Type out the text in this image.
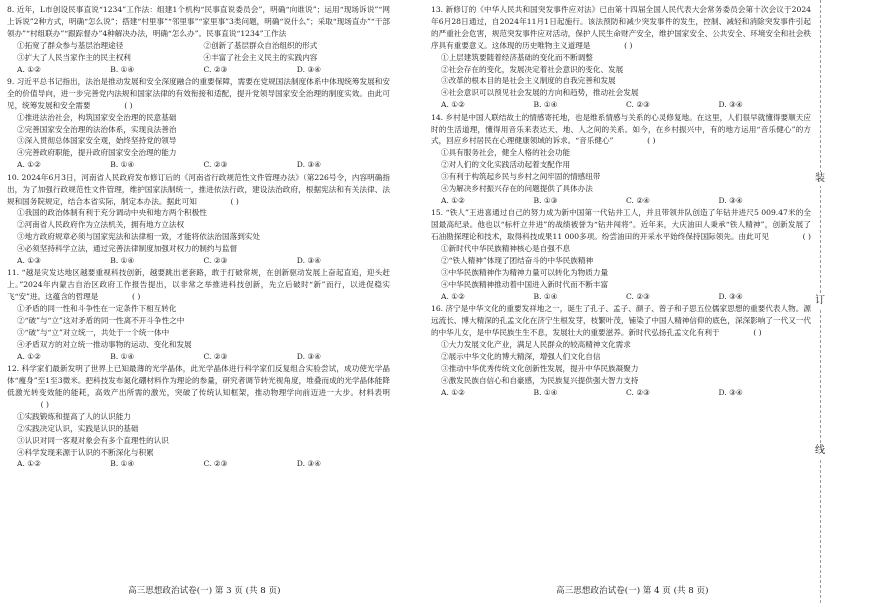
8. 近年，L市创设民事直说“1234”工作法：组建1个机构“民事直说委员会”，明确“向谁说”；运用“现场诉说”“网上诉说”2种方式，明确“怎么说”；搭建“村里事”“邻里事”“家里事”3类问题，明确“说什么”；采取“现场直办”“干部领办”“村组联办”“跟踪督办”4种解决办法，明确“怎么办”。民事直说“1234”工作法
①拓宽了群众参与基层治理途径	②创新了基层群众自治组织的形式
③扩大了人民当家作主的民主权利	④丰富了社会主义民主的实践内容
A. ①②	B. ①④	C. ②③	D. ③④
9. 习近平总书记指出，法治是推动发展和安全深度融合的重要保障，需要在党规国法制度体系中体现统筹发展和安全的价值导向，进一步完善党内法规和国家法律的有效衔接和适配，提升党领导国家安全治理的制度实效。由此可见，统筹发展和安全需要	( )
①推进法治社会，构筑国家安全治理的民意基础
②完善国家安全治理的法治体系，实现良法善治
③深入贯彻总体国家安全观，始终坚持党的领导
④完善政府职能，提升政府国家安全治理的能力
A. ①②	B. ①④	C. ②③	D. ③④
10. 2024年6月3日，河南省人民政府发布修订后的《河南省行政规范性文件管理办法》（第226号令，内容明确指出，为了加强行政规范性文件管理，维护国家法制统一，推进依法行政，建设法治政府，根据宪法和有关法律、法规和国务院规定，结合本省实际，制定本办法。据此可知	( )
①我国的政治体制有利于充分调动中央和地方两个积极性
②河南省人民政府作为立法机关，拥有地方立法权
③地方政府规章必须与国家宪法和法律相一致，才能将依法治国落到实处
④必须坚持科学立法，通过完善法律制度加强对权力的制约与监督
A. ①③	B. ①④	C. ②③	D. ③④
11. “越是灾发达地区越要重视科技创新，越要跳出老套路，敢于打破常规，在创新驱动发展上奋起直追，迎头赶上。”2024年内蒙古自治区政府工作报告提出，以非常之举推进科技创新，先立后破时“新”而行，以进促稳实飞“安”进。这蕴含的哲理是	( )
①矛盾的同一性和斗争性在一定条件下相互转化
②“破”与“立”这对矛盾的同一性离不开斗争性之中
③“破”与“立”对立统一，共处于一个统一体中
④矛盾双方的对立统一推动事物的运动、变化和发展
A. ①②	B. ①④	C. ②③	D. ③④
12. 科学家们最新发明了世界上已知最薄的光学晶体，此光学晶体进行科学家们反复组合实验尝试，成功使光学晶体“瘦身”至1至3微米。把科技发布氮化硼材料作为理论的参量，研究者调节转光视角度，堆叠而成的光学晶体能降低激光转变效能的能耗，高效产出所需的激光，突破了传统认知框架，推动物理学向前迈进一大步。材料表明( )
①实践锻炼和提高了人的认识能力
②实践决定认识，实践是认识的基础
③认识对同一客观对象会有多个直理性的认识
④科学发现来源于认识的不断深化与积累
A. ①②	B. ①④	C. ②③	D. ③④
13. 新修订的《中华人民共和国突发事件应对法》已由第十四届全国人民代表大会常务委员会第十次会议于2024年6月28日通过，自2024年11月1日起施行。该法预防和减少突发事件的发生，控制、减轻和消除突发事件引起的严重社会危害，规范突发事件应对活动，保护人民生命财产安全，维护国家安全、公共安全、环境安全和社会秩序具有重要意义。这体现的历史唯物主义道理是	( )
①上层建筑要随着经济基础的变化而不断调整
②社会存在的变化，发展决定着社会意识的变化、发展
③改革的根本目的是社会主义制度的自我完善和发展
④社会意识可以预见社会发展的方向和趋势，推动社会发展
A. ①②	B. ①④	C. ②③	D. ③④
14. 乡村是中国人联结故土的情感寄托地，也是维系情感与关系的心灵修复地。在这里，人们很早就懂得要顺天应时的生活道理，懂得用音乐来表达天、地、人之间的关系。如今，在乡村振兴中，有的地方运用“音乐健心”的方式，回应乡村居民在心理健康领域的诉求。“音乐健心”	( )
①具有服务社会，健全人格的社会功能
②对人们的文化实践活动起着支配作用
③有利于构筑起乡民与乡村之间牢固的情感纽带
④为解决乡村振兴存在的问题提供了具体办法
A. ①②	B. ①③	C. ②④	D. ③④
15. “铁人”王进喜通过自己的努力成为新中国第一代钻井工人，并且带领井队创造了年钻井进尺5 009.47米的全国最高纪录。他也以“标杆立井进”的战绩被誉为“钻井闯将”。近年来，大庆油田人秉承“铁人精神”，创新发展了石油勘探理论和技术，取得科技成果11 000多项。纷尝油田的开采水平始终保持国际领先。由此可见	( )
①新时代中华民族精神核心是自强不息
②“铁人精神”体现了团结奋斗的中华民族精神
③中华民族精神作为精神力量可以转化为物质力量
④中华民族精神推动着中国进入新时代而不断丰富
A. ①②	B. ①④	C. ②③	D. ③④
16. 济宁是中华文化的重要发祥地之一，诞生了孔子、孟子、颜子、曾子和子思五位儒家思想的重要代表人物。源远流长、博大精深的孔孟文化在济宁生根发芽，枝繁叶茂，铺染了中国人精神信仰的底色，深深影响了一代又一代的中华儿女，是中华民族生生不息，发展壮大的重要滋养。新时代弘扬孔孟文化有利于	( )
①大力发展文化产业，满足人民群众的较高精神文化需求
②展示中华文化的博大精深，增强人们文化自信
③推动中华优秀传统文化创新性发展，提升中华民族凝聚力
④激发民族自信心和自豪感，为民族复兴提供强大智力支持
A. ①②	B. ①④	C. ②③	D. ③④
高三思想政治试卷(一) 第 3 页 (共 8 页)	高三思想政治试卷(一) 第 4 页 (共 8 页)
装
订
线
